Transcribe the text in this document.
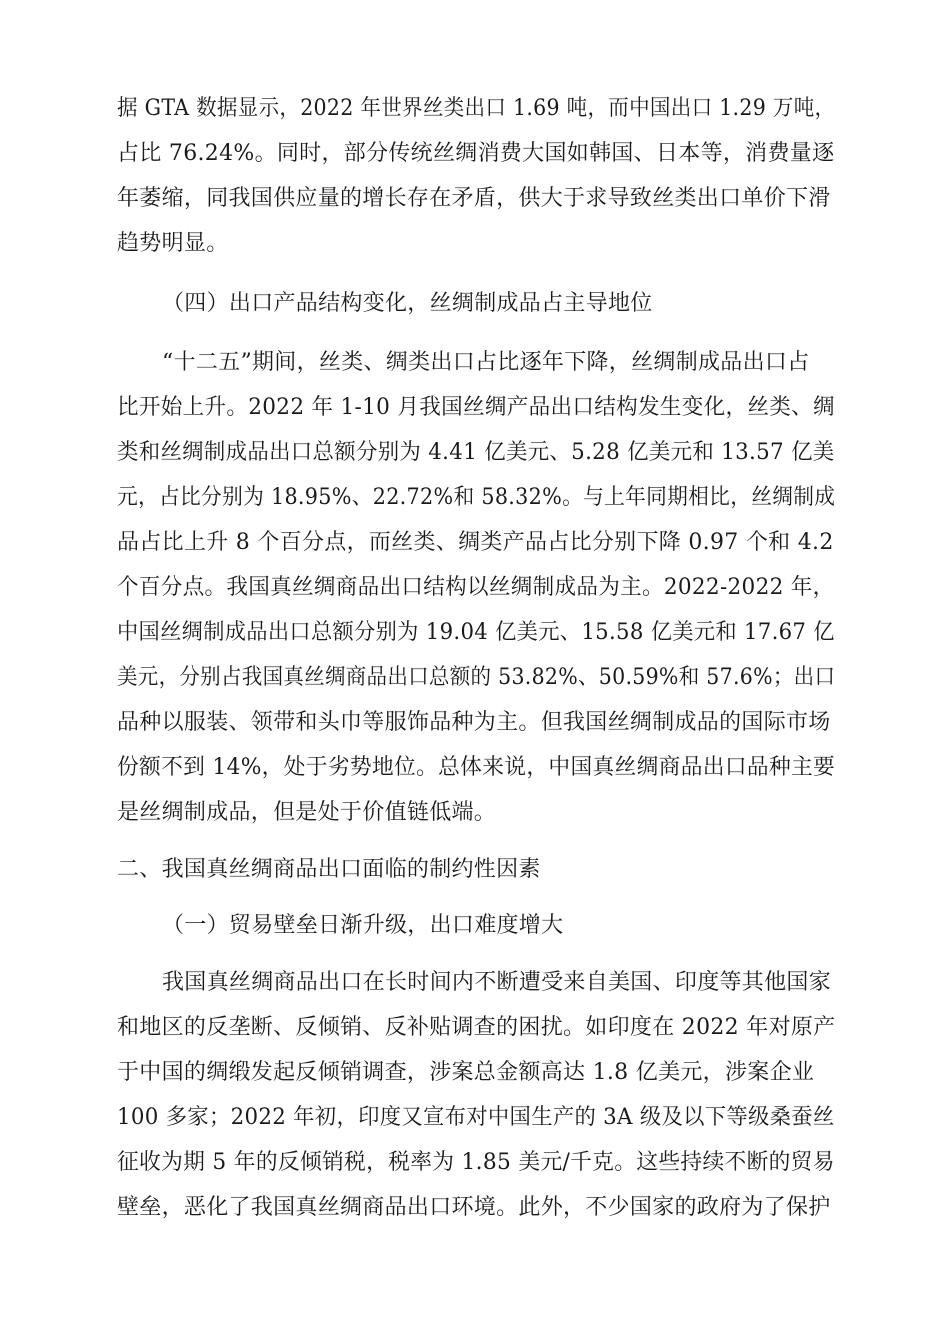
据 GTA 数据显示，2022 年世界丝类出口 1.69 吨，而中国出口 1.29 万吨，
占比 76.24%。同时，部分传统丝绸消费大国如韩国、日本等，消费量逐
年萎缩，同我国供应量的增长存在矛盾，供大于求导致丝类出口单价下滑
趋势明显。
（四）出口产品结构变化，丝绸制成品占主导地位
“十二五”期间，丝类、绸类出口占比逐年下降，丝绸制成品出口占
比开始上升。2022 年 1-10 月我国丝绸产品出口结构发生变化，丝类、绸
类和丝绸制成品出口总额分别为 4.41 亿美元、5.28 亿美元和 13.57 亿美
元，占比分别为 18.95%、22.72%和 58.32%。与上年同期相比，丝绸制成
品占比上升 8 个百分点，而丝类、绸类产品占比分别下降 0.97 个和 4.2
个百分点。我国真丝绸商品出口结构以丝绸制成品为主。2022-2022 年，
中国丝绸制成品出口总额分别为 19.04 亿美元、15.58 亿美元和 17.67 亿
美元，分别占我国真丝绸商品出口总额的 53.82%、50.59%和 57.6%；出口
品种以服装、领带和头巾等服饰品种为主。但我国丝绸制成品的国际市场
份额不到 14%，处于劣势地位。总体来说，中国真丝绸商品出口品种主要
是丝绸制成品，但是处于价值链低端。
二、我国真丝绸商品出口面临的制约性因素
（一）贸易壁垒日渐升级，出口难度增大
我国真丝绸商品出口在长时间内不断遭受来自美国、印度等其他国家
和地区的反垄断、反倾销、反补贴调查的困扰。如印度在 2022 年对原产
于中国的绸缎发起反倾销调查，涉案总金额高达 1.8 亿美元，涉案企业
100 多家；2022 年初，印度又宣布对中国生产的 3A 级及以下等级桑蚕丝
征收为期 5 年的反倾销税，税率为 1.85 美元/千克。这些持续不断的贸易
壁垒，恶化了我国真丝绸商品出口环境。此外，不少国家的政府为了保护
